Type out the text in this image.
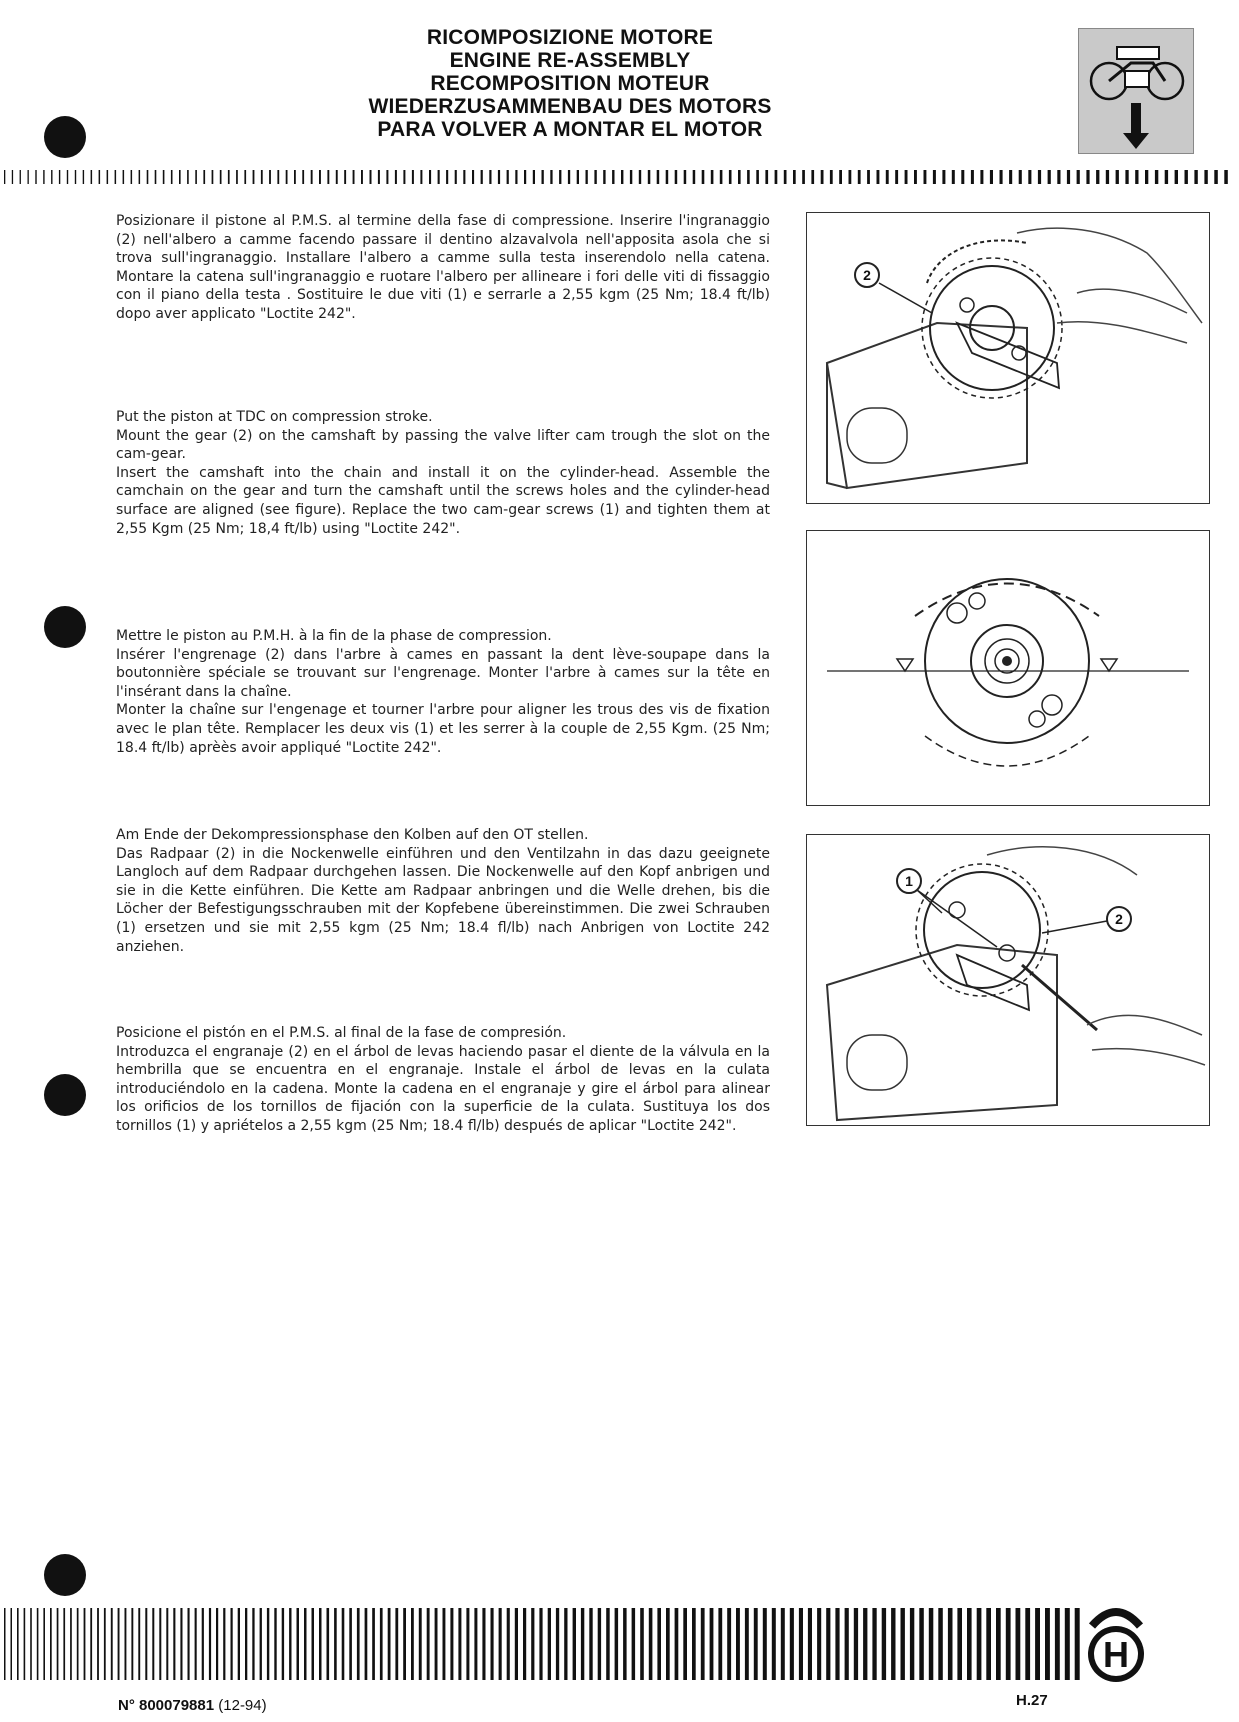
RICOMPOSIZIONE MOTORE
ENGINE RE-ASSEMBLY
RECOMPOSITION MOTEUR
WIEDERZUSAMMENBAU DES MOTORS
PARA VOLVER A MONTAR EL MOTOR

Posizionare il pistone al P.M.S. al termine della fase di compressione. Inserire l'ingranaggio (2) nell'albero a camme facendo passare il dentino alzavalvola nell'apposita asola che si trova sull'ingranaggio. Installare l'albero a camme sulla testa inserendolo nella catena. Montare la catena sull'ingranaggio e ruotare l'albero per allineare i fori delle viti di fissaggio con il piano della testa . Sostituire le due viti (1) e serrarle a 2,55 kgm (25 Nm; 18.4 ft/lb) dopo aver applicato "Loctite 242".

Put the piston at TDC on compression stroke.

Mount the gear (2) on the camshaft by passing the valve lifter cam trough the slot on the cam-gear.

Insert the camshaft into the chain and install it on the cylinder-head. Assemble the camchain on the gear and turn the camshaft until the screws holes and the cylinder-head surface are aligned (see figure). Replace the two cam-gear screws (1) and tighten them at 2,55 Kgm (25 Nm; 18,4 ft/lb) using "Loctite 242".

Mettre le piston au P.M.H. à la fin de la phase de compression.

Insérer l'engrenage (2) dans l'arbre à cames en passant la dent lève-soupape dans la boutonnière spéciale se trouvant sur l'engrenage. Monter l'arbre à cames sur la tête en l'insérant dans la chaîne.

Monter la chaîne sur l'engenage et tourner l'arbre pour aligner les trous des vis de fixation avec le plan tête. Remplacer les deux vis (1) et les serrer à la couple de 2,55 Kgm. (25 Nm; 18.4 ft/lb) aprèès avoir appliqué "Loctite 242".

Am Ende der Dekompressionsphase den Kolben auf den OT stellen.

Das Radpaar (2) in die Nockenwelle einführen und den Ventilzahn in das dazu geeignete Langloch auf dem Radpaar durchgehen lassen. Die Nockenwelle auf den Kopf anbrigen und sie in die Kette einführen. Die Kette am Radpaar anbringen und die Welle drehen, bis die Löcher der Befestigungsschrauben mit der Kopfebene übereinstimmen. Die zwei Schrauben (1) ersetzen und sie mit 2,55 kgm (25 Nm; 18.4 fl/lb) nach Anbrigen von Loctite 242 anziehen.

Posicione el pistón en el P.M.S. al final de la fase de compresión.

Introduzca el engranaje (2) en el árbol de levas haciendo pasar el diente de la válvula en la hembrilla que se encuentra en el engranaje. Instale el árbol de levas en la culata introduciéndolo en la cadena. Monte la cadena en el engranaje y gire el árbol para alinear los orificios de los tornillos de fijación con la superficie de la culata. Sustituya los dos tornillos (1) y apriételos a 2,55 kgm (25 Nm; 18.4 fl/lb) después de aplicar "Loctite 242".

2
1
2
H
N° 800079881 (12-94)	H.27
